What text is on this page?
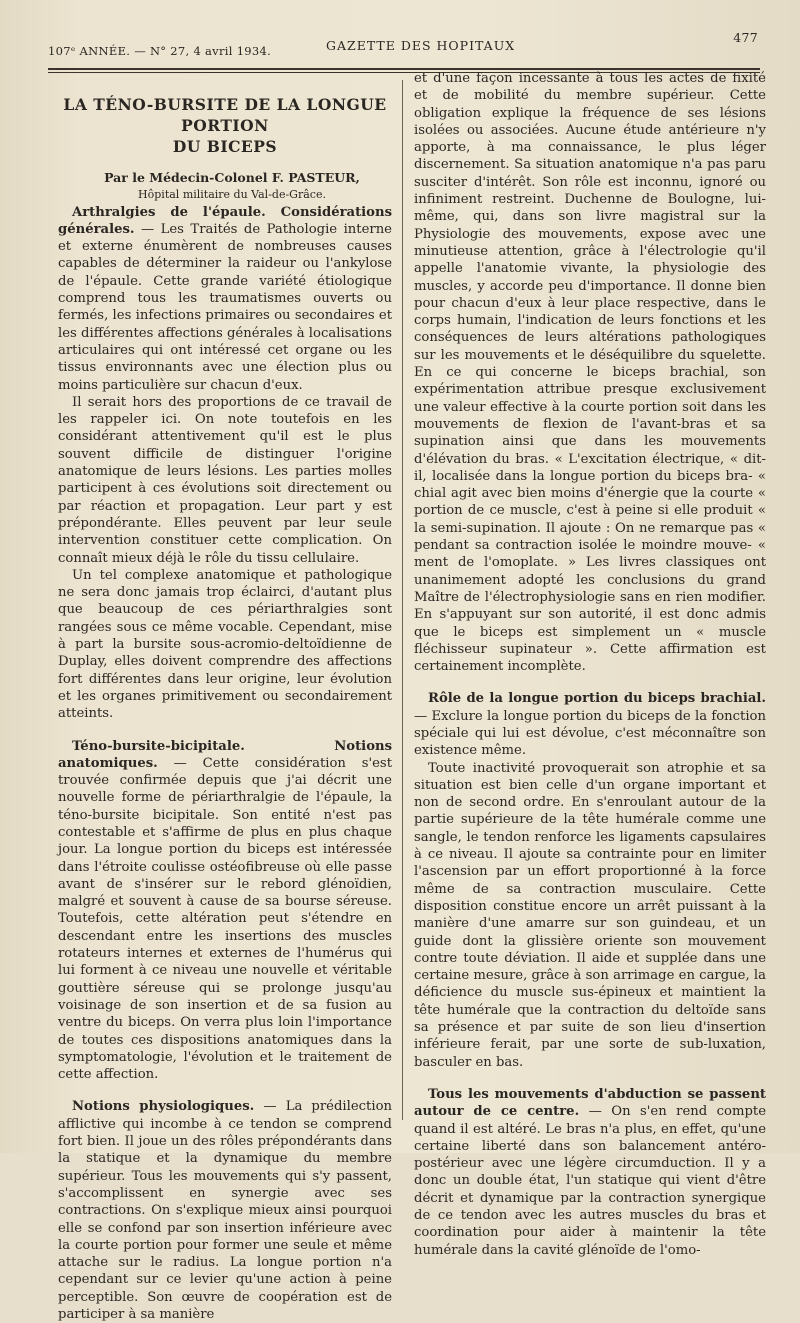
107ᵉ ANNÉE. — N° 27, 4 avril 1934.	GAZETTE DES HOPITAUX
477
LA TÉNO-BURSITE DE LA LONGUE PORTION
DU BICEPS

Par le Médecin-Colonel F. PASTEUR,

Hôpital militaire du Val-de-Grâce.

Arthralgies de l'épaule. Considérations générales. — Les Traités de Pathologie interne et externe énumèrent de nombreuses causes capables de déterminer la raideur ou l'ankylose de l'épaule. Cette grande variété étiologique comprend tous les traumatismes ouverts ou fermés, les infections primaires ou secondaires et les différentes affections générales à localisations articulaires qui ont intéressé cet organe ou les tissus environnants avec une élection plus ou moins particulière sur chacun d'eux.

Il serait hors des proportions de ce travail de les rappeler ici. On note toutefois en les considérant attentivement qu'il est le plus souvent difficile de distinguer l'origine anatomique de leurs lésions. Les parties molles participent à ces évolutions soit directement ou par réaction et propagation. Leur part y est prépondérante. Elles peuvent par leur seule intervention constituer cette complication. On connaît mieux déjà le rôle du tissu cellulaire.

Un tel complexe anatomique et pathologique ne sera donc jamais trop éclairci, d'autant plus que beaucoup de ces périarthralgies sont rangées sous ce même vocable. Cependant, mise à part la bursite sous-acromio-deltoïdienne de Duplay, elles doivent comprendre des affections fort différentes dans leur origine, leur évolution et les organes primitivement ou secondairement atteints.

Téno-bursite-bicipitale. Notions anatomiques. — Cette considération s'est trouvée confirmée depuis que j'ai décrit une nouvelle forme de périarthralgie de l'épaule, la téno-bursite bicipitale. Son entité n'est pas contestable et s'affirme de plus en plus chaque jour. La longue portion du biceps est intéressée dans l'étroite coulisse ostéofibreuse où elle passe avant de s'insérer sur le rebord glénoïdien, malgré et souvent à cause de sa bourse séreuse. Toutefois, cette altération peut s'étendre en descendant entre les insertions des muscles rotateurs internes et externes de l'humérus qui lui forment à ce niveau une nouvelle et véritable gouttière séreuse qui se prolonge jusqu'au voisinage de son insertion et de sa fusion au ventre du biceps. On verra plus loin l'importance de toutes ces dispositions anatomiques dans la symptomatologie, l'évolution et le traitement de cette affection.

Notions physiologiques. — La prédilection afflictive qui incombe à ce tendon se comprend fort bien. Il joue un des rôles prépondérants dans la statique et la dynamique du membre supérieur. Tous les mouvements qui s'y passent, s'accomplissent en synergie avec ses contractions. On s'explique mieux ainsi pourquoi elle se confond par son insertion inférieure avec la courte portion pour former une seule et même attache sur le radius. La longue portion n'a cependant sur ce levier qu'une action à peine perceptible. Son œuvre de coopération est de participer à sa manière

et d'une façon incessante à tous les actes de fixité et de mobilité du membre supérieur. Cette obligation explique la fréquence de ses lésions isolées ou associées. Aucune étude antérieure n'y apporte, à ma connaissance, le plus léger discernement. Sa situation anatomique n'a pas paru susciter d'intérêt. Son rôle est inconnu, ignoré ou infiniment restreint. Duchenne de Boulogne, lui-même, qui, dans son livre magistral sur la Physiologie des mouvements, expose avec une minutieuse attention, grâce à l'électrologie qu'il appelle l'anatomie vivante, la physiologie des muscles, y accorde peu d'importance. Il donne bien pour chacun d'eux à leur place respective, dans le corps humain, l'indication de leurs fonctions et les conséquences de leurs altérations pathologiques sur les mouvements et le déséquilibre du squelette. En ce qui concerne le biceps brachial, son expérimentation attribue presque exclusivement une valeur effective à la courte portion soit dans les mouvements de flexion de l'avant-bras et sa supination ainsi que dans les mouvements d'élévation du bras. « L'excitation électrique, « dit-il, localisée dans la longue portion du biceps bra- « chial agit avec bien moins d'énergie que la courte « portion de ce muscle, c'est à peine si elle produit « la semi-supination. Il ajoute : On ne remarque pas « pendant sa contraction isolée le moindre mouve- « ment de l'omoplate. » Les livres classiques ont unanimement adopté les conclusions du grand Maître de l'électrophysiologie sans en rien modifier. En s'appuyant sur son autorité, il est donc admis que le biceps est simplement un « muscle fléchisseur supinateur ». Cette affirmation est certainement incomplète.

Rôle de la longue portion du biceps brachial. — Exclure la longue portion du biceps de la fonction spéciale qui lui est dévolue, c'est méconnaître son existence même.

Toute inactivité provoquerait son atrophie et sa situation est bien celle d'un organe important et non de second ordre. En s'enroulant autour de la partie supérieure de la tête humérale comme une sangle, le tendon renforce les ligaments capsulaires à ce niveau. Il ajoute sa contrainte pour en limiter l'ascension par un effort proportionné à la force même de sa contraction musculaire. Cette disposition constitue encore un arrêt puissant à la manière d'une amarre sur son guindeau, et un guide dont la glissière oriente son mouvement contre toute déviation. Il aide et supplée dans une certaine mesure, grâce à son arrimage en cargue, la déficience du muscle sus-épineux et maintient la tête humérale que la contraction du deltoïde sans sa présence et par suite de son lieu d'insertion inférieure ferait, par une sorte de sub-luxation, basculer en bas.

Tous les mouvements d'abduction se passent autour de ce centre. — On s'en rend compte quand il est altéré. Le bras n'a plus, en effet, qu'une certaine liberté dans son balancement antéro-postérieur avec une légère circumduction. Il y a donc un double état, l'un statique qui vient d'être décrit et dynamique par la contraction synergique de ce tendon avec les autres muscles du bras et coordination pour aider à maintenir la tête humérale dans la cavité glénoïde de l'omo-
